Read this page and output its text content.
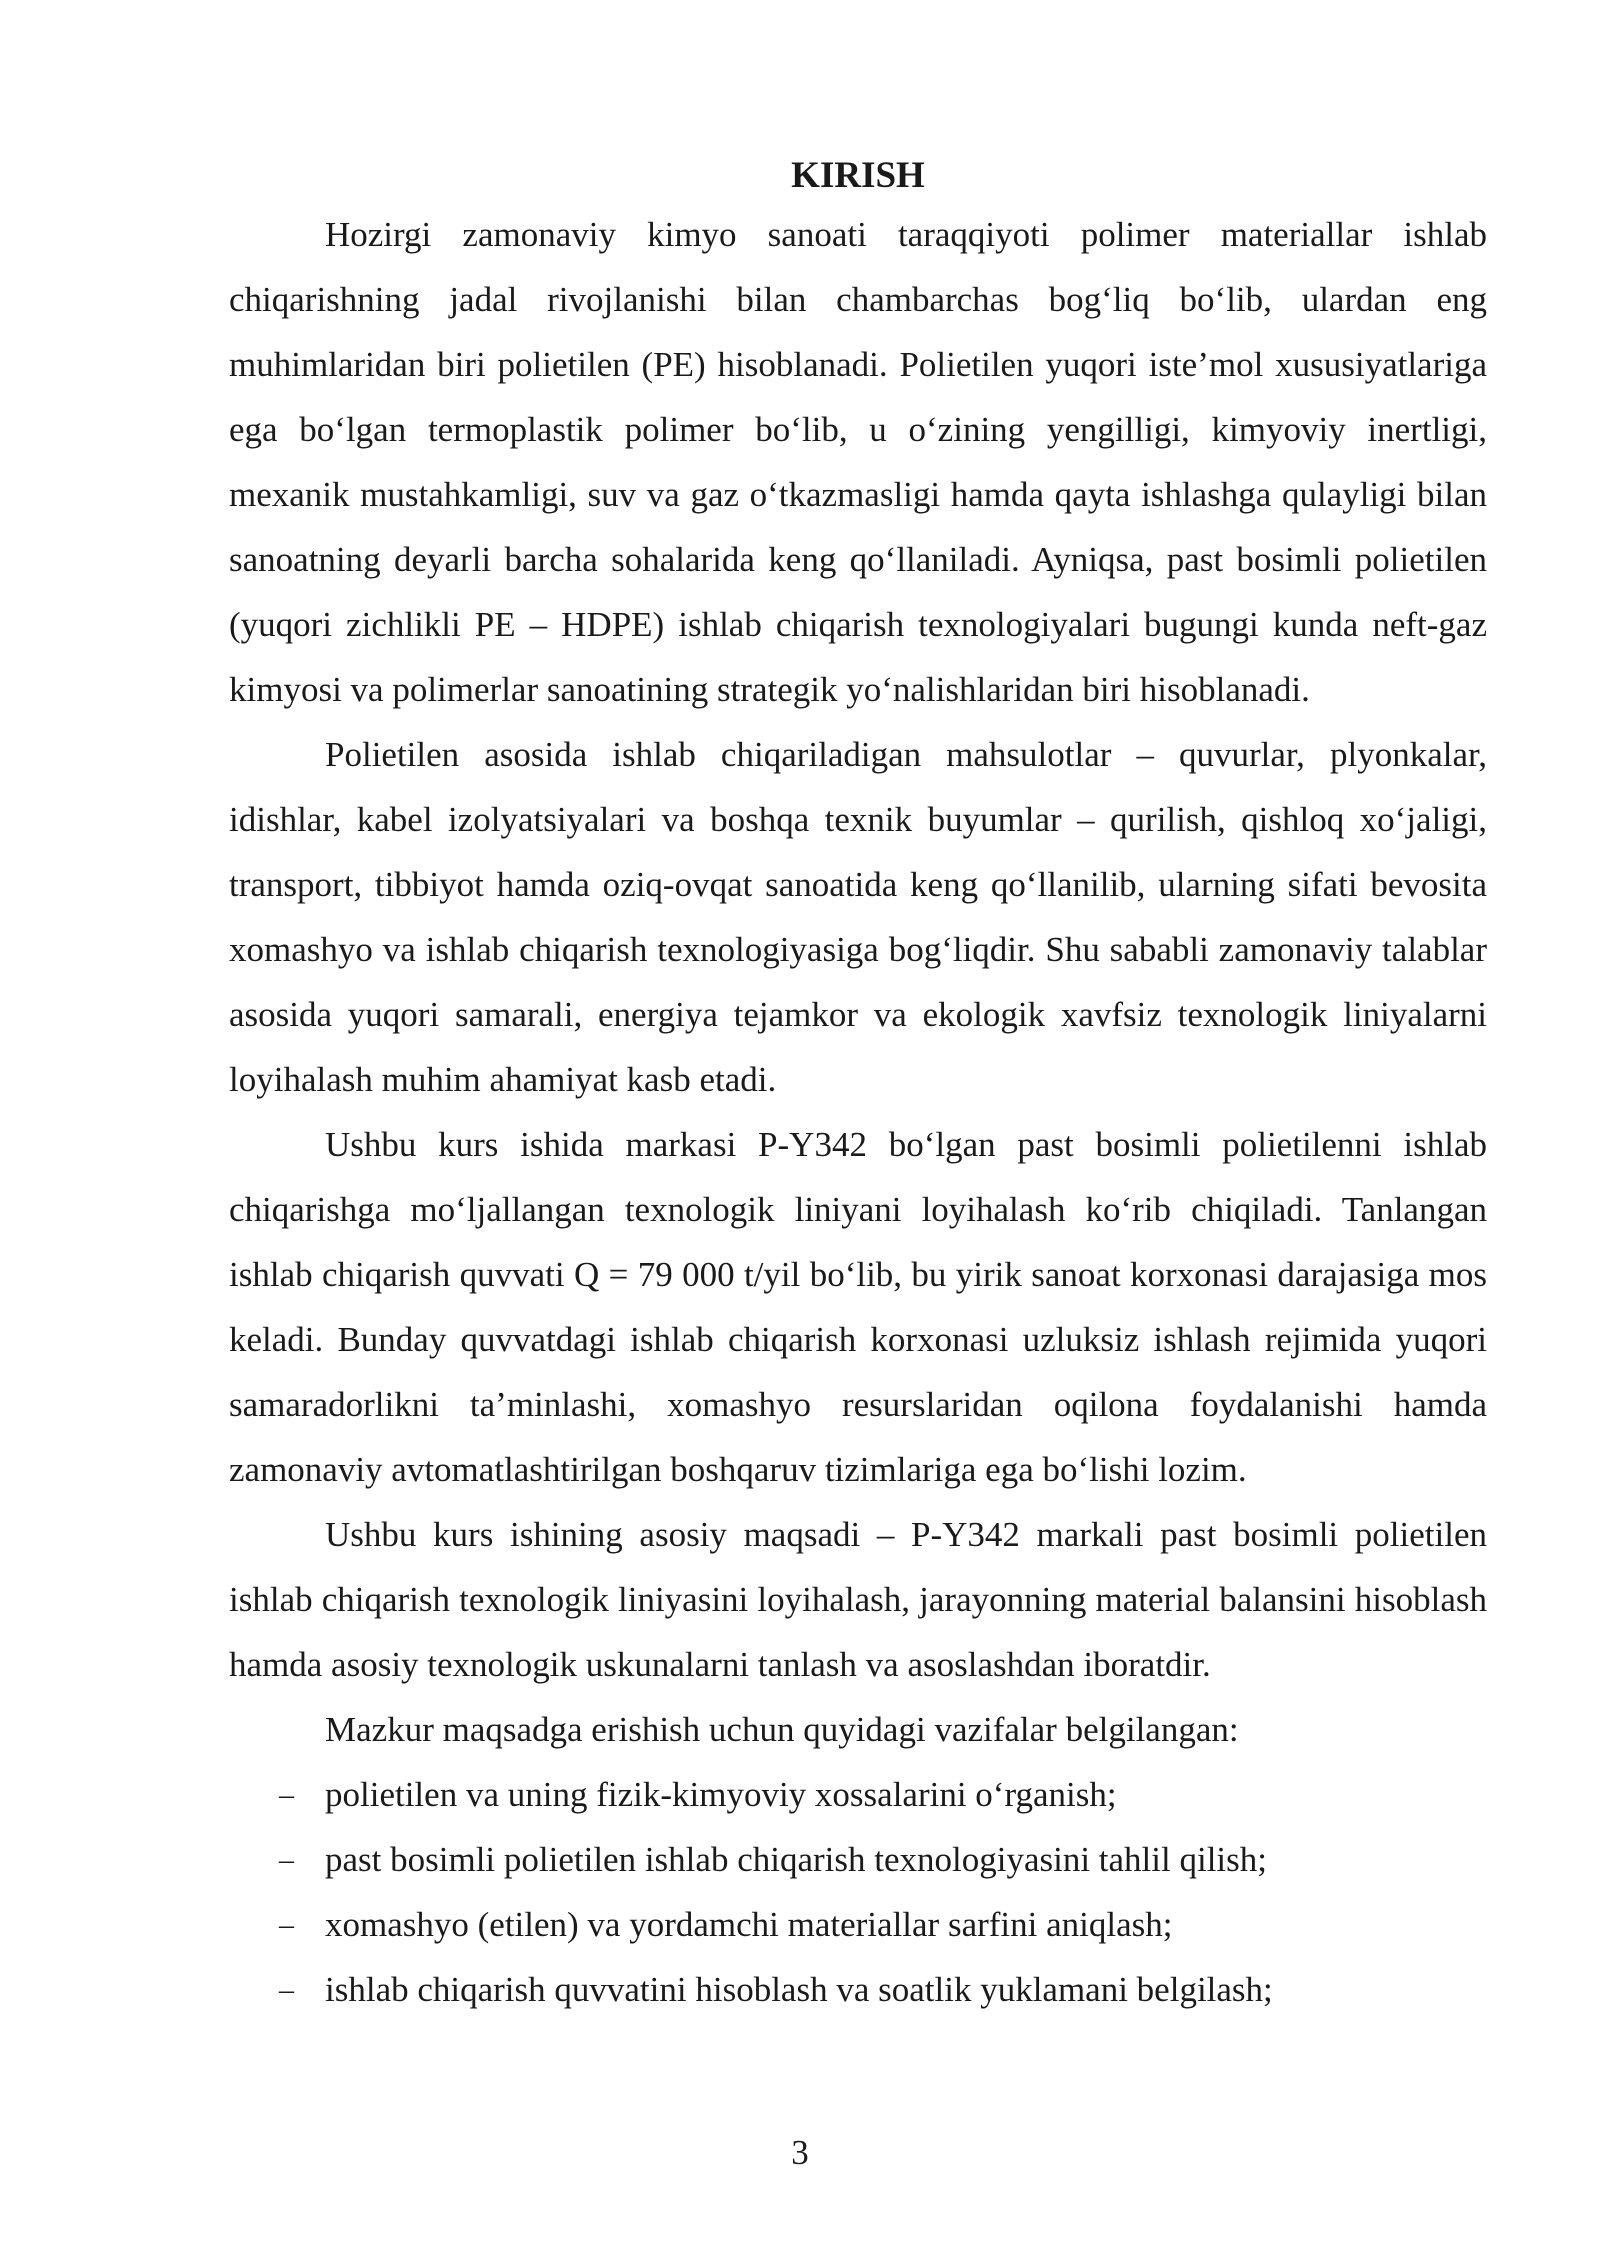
KIRISH

Hozirgi zamonaviy kimyo sanoati taraqqiyoti polimer materiallar ishlab chiqarishning jadal rivojlanishi bilan chambarchas bog‘liq bo‘lib, ulardan eng muhimlaridan biri polietilen (PE) hisoblanadi. Polietilen yuqori iste’mol xususiyatlariga ega bo‘lgan termoplastik polimer bo‘lib, u o‘zining yengilligi, kimyoviy inertligi, mexanik mustahkamligi, suv va gaz o‘tkazmasligi hamda qayta ishlashga qulayligi bilan sanoatning deyarli barcha sohalarida keng qo‘llaniladi. Ayniqsa, past bosimli polietilen (yuqori zichlikli PE – HDPE) ishlab chiqarish texnologiyalari bugungi kunda neft-gaz kimyosi va polimerlar sanoatining strategik yo‘nalishlaridan biri hisoblanadi.

Polietilen asosida ishlab chiqariladigan mahsulotlar – quvurlar, plyonkalar, idishlar, kabel izolyatsiyalari va boshqa texnik buyumlar – qurilish, qishloq xo‘jaligi, transport, tibbiyot hamda oziq-ovqat sanoatida keng qo‘llanilib, ularning sifati bevosita xomashyo va ishlab chiqarish texnologiyasiga bog‘liqdir. Shu sababli zamonaviy talablar asosida yuqori samarali, energiya tejamkor va ekologik xavfsiz texnologik liniyalarni loyihalash muhim ahamiyat kasb etadi.

Ushbu kurs ishida markasi P-Y342 bo‘lgan past bosimli polietilenni ishlab chiqarishga mo‘ljallangan texnologik liniyani loyihalash ko‘rib chiqiladi. Tanlangan ishlab chiqarish quvvati Q = 79 000 t/yil bo‘lib, bu yirik sanoat korxonasi darajasiga mos keladi. Bunday quvvatdagi ishlab chiqarish korxonasi uzluksiz ishlash rejimida yuqori samaradorlikni ta’minlashi, xomashyo resurslaridan oqilona foydalanishi hamda zamonaviy avtomatlashtirilgan boshqaruv tizimlariga ega bo‘lishi lozim.

Ushbu kurs ishining asosiy maqsadi – P-Y342 markali past bosimli polietilen ishlab chiqarish texnologik liniyasini loyihalash, jarayonning material balansini hisoblash hamda asosiy texnologik uskunalarni tanlash va asoslashdan iboratdir.

Mazkur maqsadga erishish uchun quyidagi vazifalar belgilangan:

– polietilen va uning fizik-kimyoviy xossalarini o‘rganish;
– past bosimli polietilen ishlab chiqarish texnologiyasini tahlil qilish;
– xomashyo (etilen) va yordamchi materiallar sarfini aniqlash;
– ishlab chiqarish quvvatini hisoblash va soatlik yuklamani belgilash;
3
